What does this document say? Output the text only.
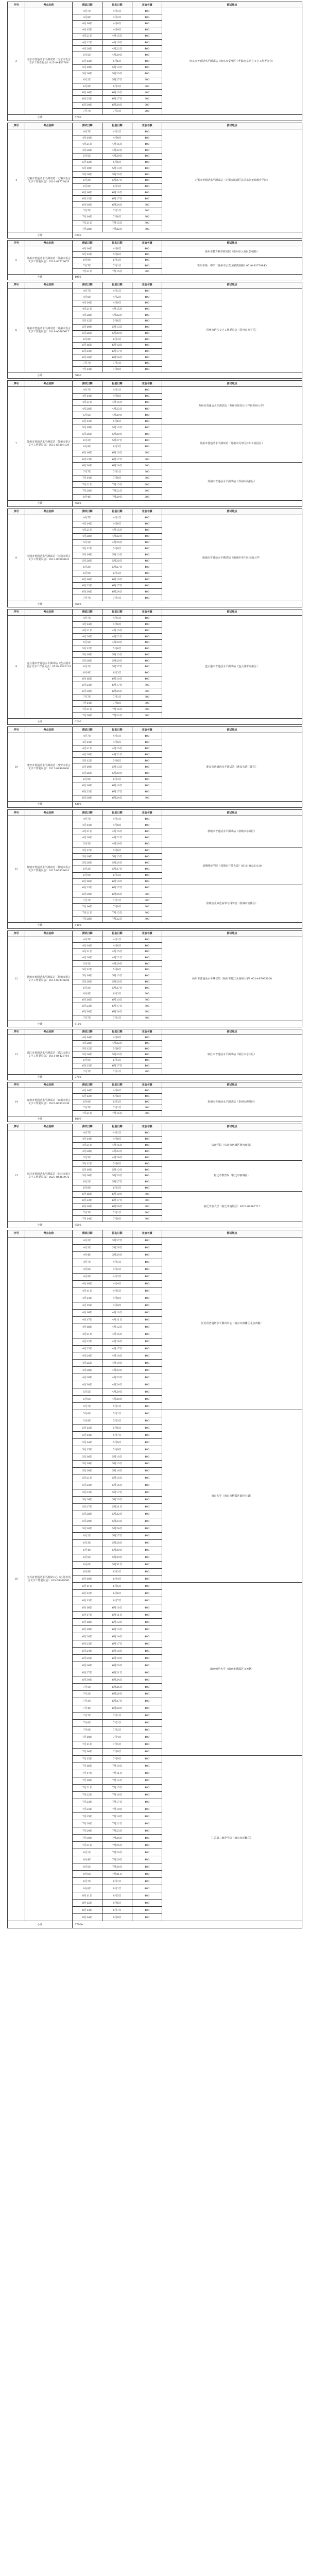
序号	考点名称	测试日期	报名日期	开放名额	测试地点
3	南京市普通话水平测试站（南京市语言文字工作者协会）025-84457766	4月7日	4月1日	400	南京市普通话水平测试站（南京市秦淮区中华路南京语言文字工作者协会）
		4月8日	4月2日	400	
		4月14日	4月8日	400	
		4月15日	4月9日	400	
		4月21日	4月15日	400	
		4月22日	4月16日	400	
		4月28日	4月22日	400	
		5月5日	4月29日	400	
		5月12日	5月6日	400	
		5月19日	5月13日	400	
		5月26日	5月20日	400	
		6月2日	5月27日	300	
		6月9日	6月3日	300	
		6月16日	6月10日	300	
		6月23日	6月17日	300	
		6月30日	6月24日	300	
		7月7日	7月1日	200	
小计		5700			
序号	考点名称	测试日期	报名日期	开放名额	测试地点
4	无锡市普通话水平测试站（无锡市语言文字工作委员会）0510-81773829	4月7日	4月1日	400	无锡市普通话水平测试站（无锡市滨湖区县前东街无锡教育学院）
		4月14日	4月8日	400	
		4月21日	4月15日	400	
		4月28日	4月22日	400	
		5月5日	4月29日	400	
		5月12日	5月6日	400	
		5月19日	5月13日	400	
		5月26日	5月20日	400	
		6月2日	5月27日	400	
		6月9日	6月3日	400	
		6月16日	6月10日	400	
		6月23日	6月17日	400	
		6月30日	6月24日	300	
		7月7日	7月1日	300	
		7月14日	7月8日	300	
		7月21日	7月15日	300	
		7月28日	7月22日	300	
小计		6200			
序号	考点名称	测试日期	报名日期	开放名额	测试地点
5	徐州市普通话水平测试站（徐州市语言文字工作委员会）0516-83723655	4月14日	4月8日	400	徐州市教育科学研究院（徐州市云龙区彭城路）
		5月12日	5月6日	400	
		6月9日	6月3日	400	徐州市第一中学（徐州市云龙区解放南路）0516-83758843
		7月7日	7月1日	400	
		7月21日	7月15日	300	
小计		1900			
序号	考点名称	测试日期	报名日期	开放名额	测试地点
6	常州市普通话水平测试站（常州市语言文字工作委员会）0519-86665617	4月7日	4月1日	400	常州市语言文字工作委员会（常州市天宁区）
		4月8日	4月2日	400	
		4月14日	4月8日	400	
		4月21日	4月15日	400	
		4月28日	4月22日	400	
		5月12日	5月6日	400	
		5月19日	5月13日	400	
		5月26日	5月20日	400	
		6月9日	6月3日	400	
		6月16日	6月10日	400	
		6月23日	6月17日	400	
		6月30日	6月24日	400	
		7月7日	7月1日	400	
		7月14日	7月8日	400	
小计		5600			
序号	考点名称	测试日期	报名日期	开放名额	测试地点
7	苏州市普通话水平测试站（苏州市语言文字工作委员会）0512-65203129	4月7日	4月1日	400	苏州市普通话水平测试站（苏州市姑苏区十梓街苏州大学）
		4月14日	4月8日	400	
		4月21日	4月15日	400	
		4月28日	4月22日	400	
		5月5日	4月29日	400	
		5月12日	5月6日	400	
		5月19日	5月13日	400	苏州市普通话水平测试站（苏州市吴中区苏州工业园区）
		5月26日	5月20日	400	
		6月2日	5月27日	400	
		6月9日	6月3日	400	
		6月16日	6月10日	300	
		6月23日	6月17日	300	
		6月30日	6月24日	300	苏州市普通话水平测试站（苏州市高新区）
		7月7日	7月1日	300	
		7月14日	7月8日	300	
		7月21日	7月15日	200	
		7月28日	7月22日	200	
		8月4日	7月29日	200	
小计		5600			
序号	考点名称	测试日期	报名日期	开放名额	测试地点
8	南通市普通话水平测试站（南通市语言文字工作委员会）0513-85099823	4月7日	4月1日	400	南通市普通话水平测试站（南通市崇川区南通大学）
		4月14日	4月8日	400	
		4月21日	4月15日	400	
		4月28日	4月22日	400	
		5月5日	4月29日	400	
		5月12日	5月6日	400	
		5月19日	5月13日	400	
		5月26日	5月20日	400	
		6月2日	5月27日	400	
		6月9日	6月3日	400	
		6月16日	6月10日	400	
		6月23日	6月17日	400	
		6月30日	6月24日	400	
		7月7日	7月1日	400	
小计		5600			
序号	考点名称	测试日期	报名日期	开放名额	测试地点
9	连云港市普通话水平测试站（连云港市语言文字工作委员会）0518-85822298	4月7日	4月1日	400	连云港市普通话水平测试站（连云港市海州区）
		4月14日	4月8日	400	
		4月21日	4月15日	400	
		4月28日	4月22日	400	
		5月5日	4月29日	400	
		5月12日	5月6日	400	
		5月19日	5月13日	400	
		5月26日	5月20日	400	
		6月2日	5月27日	400	
		6月9日	6月3日	400	
		6月16日	6月10日	400	
		6月23日	6月17日	300	
		6月30日	6月24日	300	
		7月7日	7月1日	300	
		7月14日	7月8日	300	
		7月21日	7月15日	300	
		7月28日	7月22日	300	
小计		6200			
序号	考点名称	测试日期	报名日期	开放名额	测试地点
10	淮安市普通话水平测试站（淮安市语言文字工作委员会）0517-84909900	4月7日	4月1日	400	淮安市普通话水平测试站（淮安市清江浦区）
		4月14日	4月8日	400	
		4月21日	4月15日	400	
		4月28日	4月22日	400	
		5月12日	5月6日	400	
		5月19日	5月13日	400	
		5月26日	5月20日	400	
		6月9日	6月3日	400	
		6月16日	6月10日	400	
		6月23日	6月17日	400	
		6月30日	6月24日	300	
小计		4300			
序号	考点名称	测试日期	报名日期	开放名额	测试地点
11	盐城市普通话水平测试站（盐城市语言文字工作委员会）0515-86839001	4月7日	4月1日	400	盐城市普通话水平测试站（盐城市亭湖区）
		4月14日	4月8日	400	
		4月21日	4月15日	400	
		4月28日	4月22日	400	
		5月5日	4月29日	400	
		5月12日	5月6日	400	盐城师范学院（盐城市开放大道）0515-88233128
		5月19日	5月13日	400	
		5月26日	5月20日	400	
		6月2日	5月27日	400	
		6月9日	6月3日	400	
		6月16日	6月10日	400	
		6月23日	6月17日	400	盐城幼儿师范高等专科学校（盐城市盐都区）
		6月30日	6月24日	300	
		7月7日	7月1日	300	
		7月14日	7月8日	300	
		7月21日	7月15日	300	
		7月28日	7月22日	300	
小计		6400			
序号	考点名称	测试日期	报名日期	开放名额	测试地点
12	扬州市普通话水平测试站（扬州市语言文字工作委员会）0514-87346608	4月7日	4月1日	400	扬州市普通话水平测试站（扬州市邗江区扬州大学）0514-87975008
		4月14日	4月8日	400	
		4月21日	4月15日	400	
		4月28日	4月22日	400	
		5月5日	4月29日	400	
		5月12日	5月6日	400	
		5月19日	5月13日	400	
		5月26日	5月20日	400	
		6月2日	5月27日	400	
		6月9日	6月3日	300	
		6月16日	6月10日	300	
		6月23日	6月17日	300	
		6月30日	6月24日	300	
		7月7日	7月1日	300	
小计		5100			
序号	考点名称	测试日期	报名日期	开放名额	测试地点
13	镇江市普通话水平测试站（镇江市语言文字工作委员会）0511-84428710	4月14日	4月8日	400	镇江市普通话水平测试站（镇江市京口区）
		4月28日	4月22日	400	
		5月12日	5月6日	400	
		5月26日	5月20日	400	
		6月9日	6月3日	400	
		6月23日	6月17日	400	
		7月7日	7月1日	300	
小计		2700			
序号	考点名称	测试日期	报名日期	开放名额	测试地点
14	泰州市普通话水平测试站（泰州市语言文字工作委员会）0523-86839236	4月14日	4月8日	400	泰州市普通话水平测试站（泰州市海陵区）
		5月12日	5月6日	400	
		6月9日	6月3日	400	
		7月7日	7月1日	300	
		7月21日	7月15日	300	
小计		1800			
序号	考点名称	测试日期	报名日期	开放名额	测试地点
15	宿迁市普通话水平测试站（宿迁市语言文字工作委员会）0527-84369972	4月7日	4月1日	400	宿迁学院（宿迁市宿城区黄河南路）
		4月14日	4月8日	400	
		4月21日	4月15日	400	
		4月28日	4月22日	400	
		5月5日	4月29日	400	
		5月12日	5月6日	400	宿迁市教育局（宿迁市宿城区）
		5月19日	5月13日	400	
		5月26日	5月20日	400	
		6月2日	5月27日	400	
		6月9日	6月3日	400	
		6月16日	6月10日	300	宿迁开放大学（宿迁市宿城区）0527-84367717
		6月23日	6月17日	300	
		6月30日	6月24日	300	
		7月7日	7月1日	300	
		7月14日	7月8日	300	
小计		5500			
序号	考点名称	测试日期	报名日期	开放名额	测试地点
16	江苏省普通话水平测试中心（江苏省语言文字工作委员会）025-58409581	4月2日	3月27日	400	江苏省普通话水平测试中心（南京市鼓楼区北京西路）
		4月3日	3月28日	400	
		4月4日	3月29日	400	
		4月7日	4月1日	400	
		4月8日	4月2日	400	
		4月9日	4月3日	400	
		4月10日	4月4日	400	
		4月11日	4月5日	400	
		4月14日	4月8日	400	
		4月15日	4月9日	400	
		4月16日	4月10日	400	
		4月17日	4月11日	400	
		4月18日	4月12日	400	
		4月21日	4月15日	400	
		4月22日	4月16日	400	
		4月23日	4月17日	400	
		4月24日	4月18日	400	
		4月25日	4月19日	400	
		4月28日	4月22日	400	
		4月29日	4月23日	400	
		4月30日	4月24日	400	
		5月5日	4月29日	400	
		5月6日	4月30日	400	
		5月7日	5月1日	400	
		5月8日	5月2日	400	南京大学（南京市栖霞区仙林大道）
		5月9日	5月3日	400	
		5月12日	5月6日	400	
		5月13日	5月7日	400	
		5月14日	5月8日	400	
		5月15日	5月9日	400	
		5月16日	5月10日	400	
		5月19日	5月13日	400	
		5月20日	5月14日	400	
		5月21日	5月15日	400	
		5月22日	5月16日	400	
		5月23日	5月17日	400	
		5月26日	5月20日	400	
		5月27日	5月21日	400	
		5月28日	5月22日	400	
		5月29日	5月23日	400	
		5月30日	5月24日	400	
		6月2日	5月27日	400	
		6月3日	5月28日	400	
		6月4日	5月29日	400	
		6月5日	5月30日	400	
		6月6日	5月31日	400	
		6月9日	6月3日	400	
		6月10日	6月4日	400	
		6月11日	6月5日	400	南京师范大学（南京市栖霞区文苑路）
		6月12日	6月6日	400	
		6月13日	6月7日	400	
		6月16日	6月10日	400	
		6月17日	6月11日	400	
		6月18日	6月12日	400	
		6月19日	6月13日	400	
		6月20日	6月14日	400	
		6月23日	6月17日	400	
		6月24日	6月18日	400	
		6月25日	6月19日	400	
		6月26日	6月20日	400	
		6月27日	6月21日	400	
		6月30日	6月24日	400	
		7月1日	6月25日	400	
		7月2日	6月26日	400	
		7月3日	6月27日	400	
		7月4日	6月28日	400	
		7月7日	7月1日	400	
		7月8日	7月2日	400	
		7月9日	7月3日	400	
		7月10日	7月4日	400	
		7月11日	7月5日	400	
		7月14日	7月8日	400	
		7月15日	7月9日	400	江苏第二师范学院（南京市建邺区）
		7月16日	7月10日	400	
		7月17日	7月11日	400	
		7月18日	7月12日	400	
		7月21日	7月15日	400	
		7月22日	7月16日	400	
		7月23日	7月17日	400	
		7月24日	7月18日	400	
		7月25日	7月19日	400	
		7月28日	7月22日	400	
		7月29日	7月23日	400	
		7月30日	7月24日	400	
		7月31日	7月25日	400	
		8月1日	7月26日	400	
		8月4日	7月29日	400	
		8月5日	7月30日	400	
		8月6日	7月31日	400	
		8月7日	8月1日	400	
		8月8日	8月2日	400	
		8月11日	8月5日	400	
		8月12日	8月6日	400	
		8月13日	8月7日	400	
		8月14日	8月8日	400	
小计		37900			
